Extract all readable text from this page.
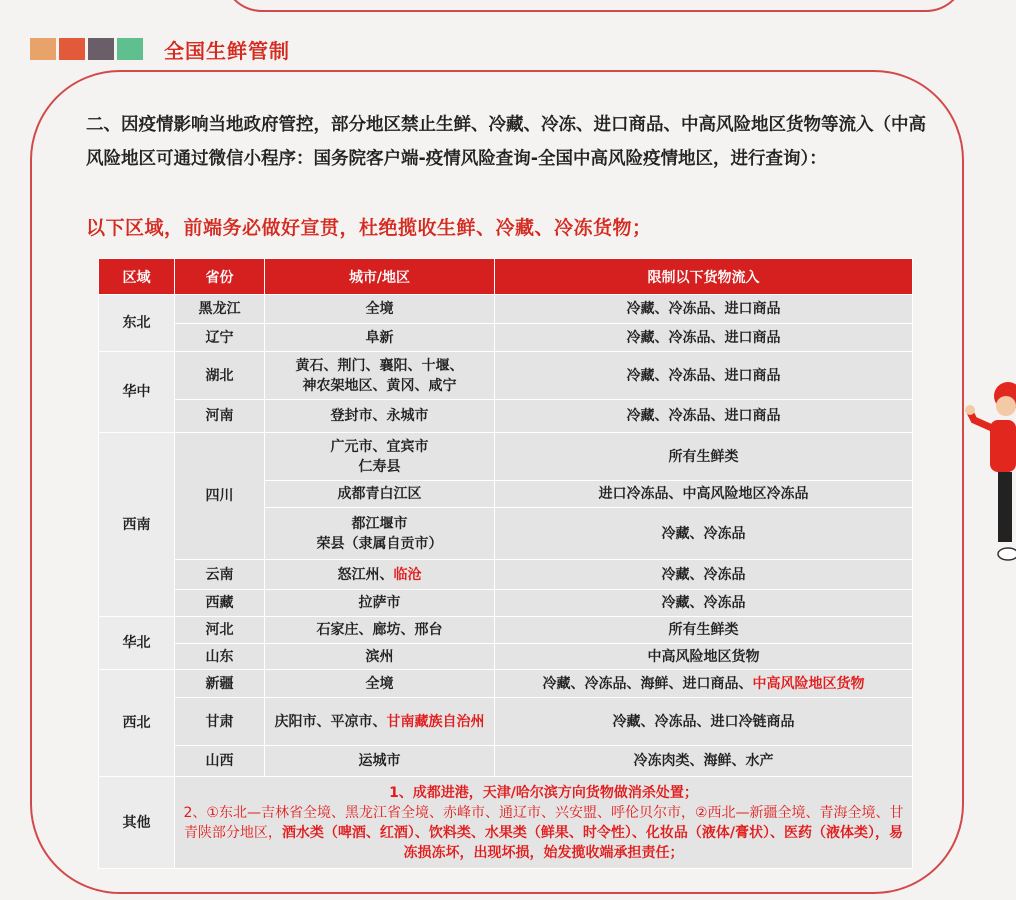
全国生鲜管制
二、因疫情影响当地政府管控，部分地区禁止生鲜、冷藏、冷冻、进口商品、中高风险地区货物等流入（中高风险地区可通过微信小程序：国务院客户端-疫情风险查询-全国中高风险疫情地区，进行查询）：
以下区域，前端务必做好宣贯，杜绝揽收生鲜、冷藏、冷冻货物；
区域	省份	城市/地区	限制以下货物流入
东北	黑龙江	全境	冷藏、冷冻品、进口商品
	辽宁	阜新	冷藏、冷冻品、进口商品
华中	湖北	黄石、荆门、襄阳、十堰、
神农架地区、黄冈、咸宁	冷藏、冷冻品、进口商品
	河南	登封市、永城市	冷藏、冷冻品、进口商品
西南	四川	广元市、宜宾市
仁寿县	所有生鲜类
		成都青白江区	进口冷冻品、中高风险地区冷冻品

		都江堰市
荣县（隶属自贡市）	冷藏、冷冻品
	云南	怒江州、临沧	冷藏、冷冻品
	西藏	拉萨市	冷藏、冷冻品
华北	河北	石家庄、廊坊、邢台	所有生鲜类
	山东	滨州	中高风险地区货物
西北	新疆	全境	冷藏、冷冻品、海鲜、进口商品、中高风险地区货物
	甘肃	庆阳市、平凉市、甘南藏族自治州	冷藏、冷冻品、进口冷链商品
	山西	运城市	冷冻肉类、海鲜、水产
其他	1、成都进港，天津/哈尔滨方向货物做消杀处置；
2、①东北—吉林省全境、黑龙江省全境、赤峰市、通辽市、兴安盟、呼伦贝尔市，②西北—新疆全境、青海全境、甘青陕部分地区，酒水类（啤酒、红酒）、饮料类、水果类（鲜果、时令性）、化妆品（液体/膏状）、医药（液体类），易冻损冻坏，出现坏损，始发揽收端承担责任；		
